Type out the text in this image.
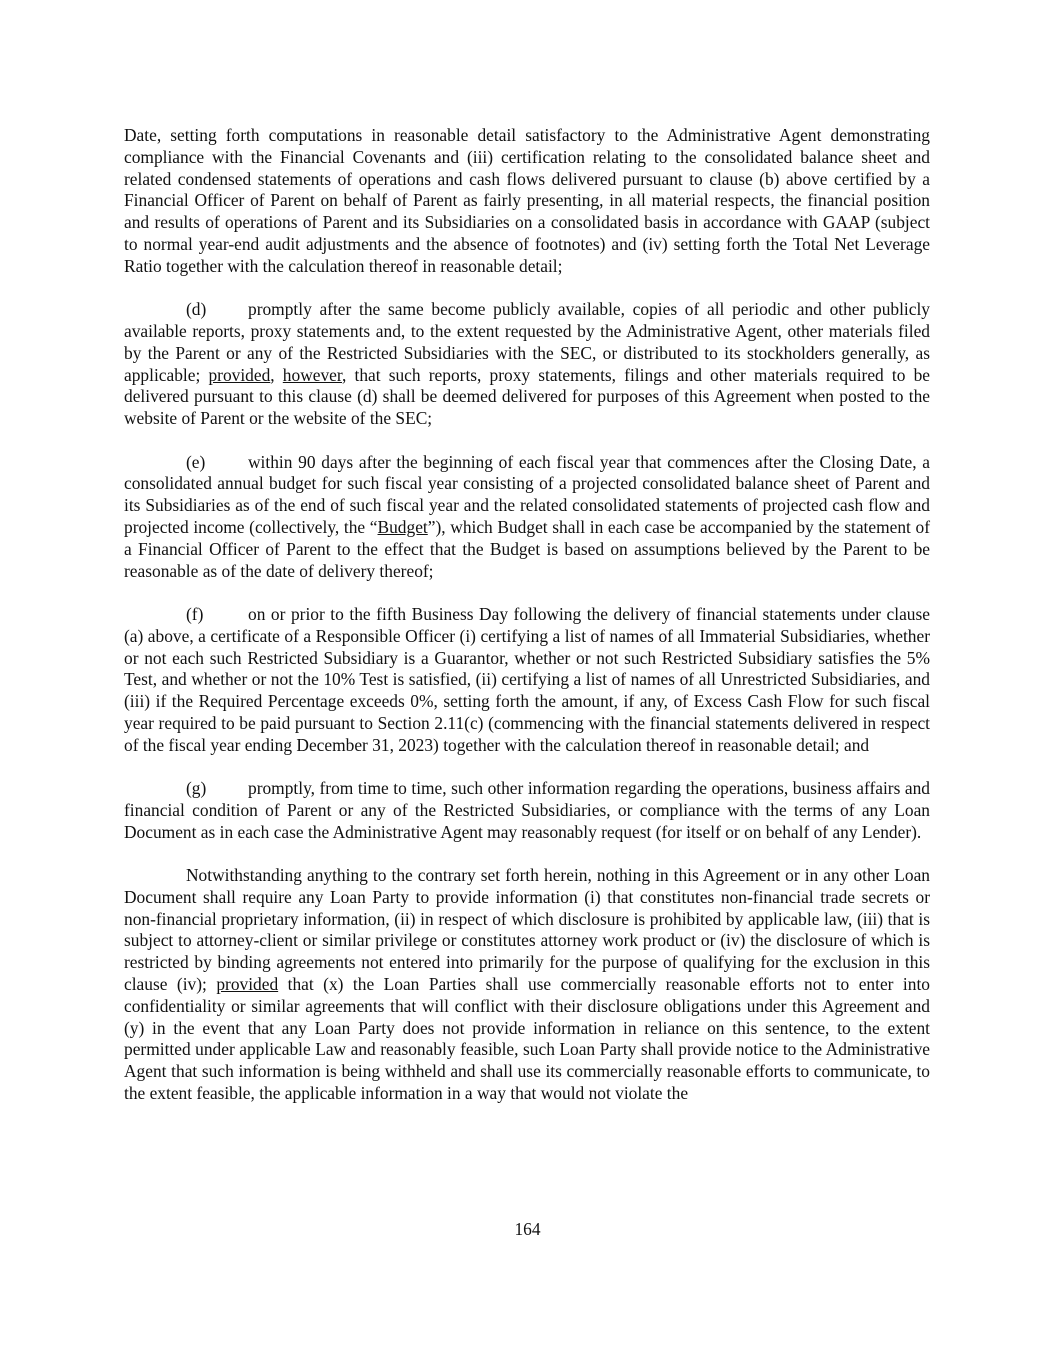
Date, setting forth computations in reasonable detail satisfactory to the Administrative Agent demonstrating compliance with the Financial Covenants and (iii) certification relating to the consolidated balance sheet and related condensed statements of operations and cash flows delivered pursuant to clause (b) above certified by a Financial Officer of Parent on behalf of Parent as fairly presenting, in all material respects, the financial position and results of operations of Parent and its Subsidiaries on a consolidated basis in accordance with GAAP (subject to normal year-end audit adjustments and the absence of footnotes) and (iv) setting forth the Total Net Leverage Ratio together with the calculation thereof in reasonable detail;

(d) promptly after the same become publicly available, copies of all periodic and other publicly available reports, proxy statements and, to the extent requested by the Administrative Agent, other materials filed by the Parent or any of the Restricted Subsidiaries with the SEC, or distributed to its stockholders generally, as applicable; provided, however, that such reports, proxy statements, filings and other materials required to be delivered pursuant to this clause (d) shall be deemed delivered for purposes of this Agreement when posted to the website of Parent or the website of the SEC;

(e) within 90 days after the beginning of each fiscal year that commences after the Closing Date, a consolidated annual budget for such fiscal year consisting of a projected consolidated balance sheet of Parent and its Subsidiaries as of the end of such fiscal year and the related consolidated statements of projected cash flow and projected income (collectively, the “Budget”), which Budget shall in each case be accompanied by the statement of a Financial Officer of Parent to the effect that the Budget is based on assumptions believed by the Parent to be reasonable as of the date of delivery thereof;

(f)	on or prior to the fifth Business Day following the delivery of financial statements under clause (a) above, a certificate of a Responsible Officer (i) certifying a list of names of all Immaterial Subsidiaries, whether or not each such Restricted Subsidiary is a Guarantor, whether or not such Restricted Subsidiary satisfies the 5% Test, and whether or not the 10% Test is satisfied, (ii) certifying a list of names of all Unrestricted Subsidiaries, and (iii) if the Required Percentage exceeds 0%, setting forth the amount, if any, of Excess Cash Flow for such fiscal year required to be paid pursuant to Section 2.11(c) (commencing with the financial statements delivered in respect of the fiscal year ending December 31, 2023) together with the calculation thereof in reasonable detail; and

(g) promptly, from time to time, such other information regarding the operations, business affairs and financial condition of Parent or any of the Restricted Subsidiaries, or compliance with the terms of any Loan Document as in each case the Administrative Agent may reasonably request (for itself or on behalf of any Lender).

Notwithstanding anything to the contrary set forth herein, nothing in this Agreement or in any other Loan Document shall require any Loan Party to provide information (i) that constitutes non-financial trade secrets or non-financial proprietary information, (ii) in respect of which disclosure is prohibited by applicable law, (iii) that is subject to attorney-client or similar privilege or constitutes attorney work product or (iv) the disclosure of which is restricted by binding agreements not entered into primarily for the purpose of qualifying for the exclusion in this clause (iv); provided that (x) the Loan Parties shall use commercially reasonable efforts not to enter into confidentiality or similar agreements that will conflict with their disclosure obligations under this Agreement and (y) in the event that any Loan Party does not provide information in reliance on this sentence, to the extent permitted under applicable Law and reasonably feasible, such Loan Party shall provide notice to the Administrative Agent that such information is being withheld and shall use its commercially reasonable efforts to communicate, to the extent feasible, the applicable information in a way that would not violate the

164
